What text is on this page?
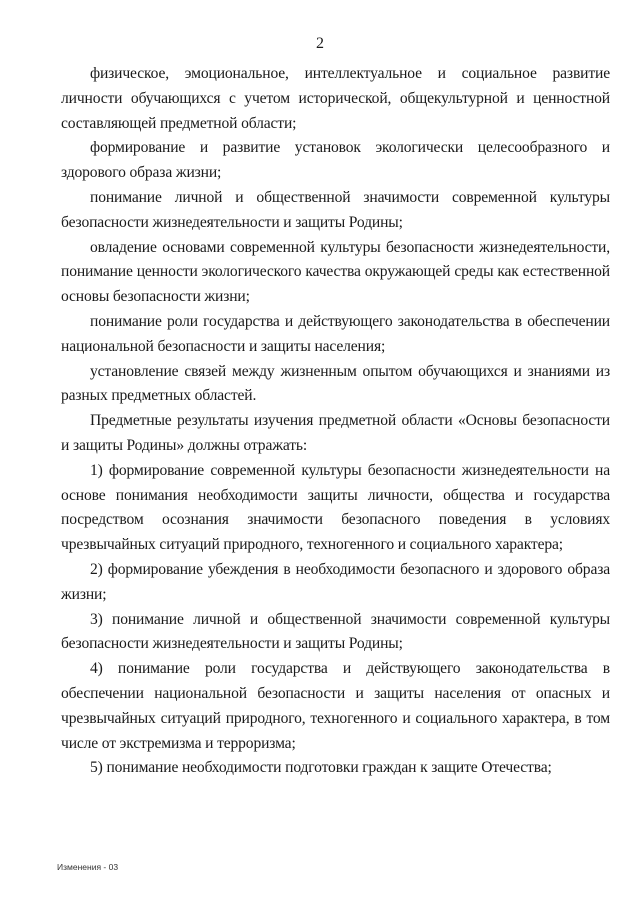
2

физическое, эмоциональное, интеллектуальное и социальное развитие личности обучающихся с учетом исторической, общекультурной и ценностной составляющей предметной области;

формирование и развитие установок экологически целесообразного и здорового образа жизни;

понимание личной и общественной значимости современной культуры безопасности жизнедеятельности и защиты Родины;

овладение основами современной культуры безопасности жизнедеятельности, понимание ценности экологического качества окружающей среды как естественной основы безопасности жизни;

понимание роли государства и действующего законодательства в обеспечении национальной безопасности и защиты населения;

установление связей между жизненным опытом обучающихся и знаниями из разных предметных областей.

Предметные результаты изучения предметной области «Основы безопасности и защиты Родины» должны отражать:

1) формирование современной культуры безопасности жизнедеятельности на основе понимания необходимости защиты личности, общества и государства посредством осознания значимости безопасного поведения в условиях чрезвычайных ситуаций природного, техногенного и социального характера;

2) формирование убеждения в необходимости безопасного и здорового образа жизни;

3) понимание личной и общественной значимости современной культуры безопасности жизнедеятельности и защиты Родины;

4) понимание роли государства и действующего законодательства в обеспечении национальной безопасности и защиты населения от опасных и чрезвычайных ситуаций природного, техногенного и социального характера, в том числе от экстремизма и терроризма;

5) понимание необходимости подготовки граждан к защите Отечества;

Изменения - 03
